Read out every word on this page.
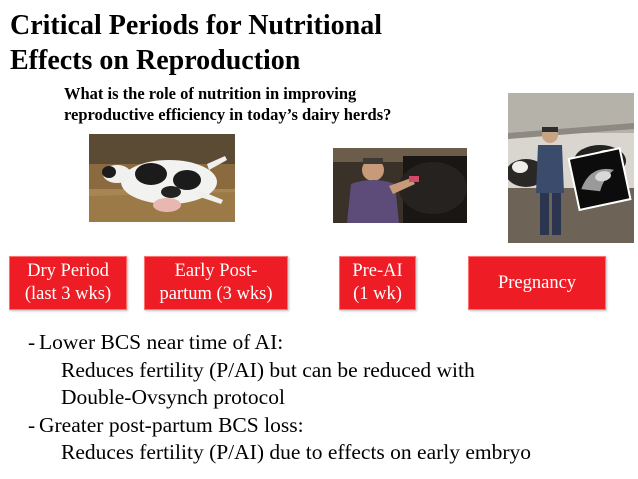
Critical Periods for Nutritional
Effects on Reproduction
What is the role of nutrition in improving
reproductive efficiency in today’s dairy herds?
Dry Period
(last 3 wks)
Early Post-
partum (3 wks)
Pre-AI
(1 wk)
Pregnancy
- Lower BCS near time of AI:
Reduces fertility (P/AI) but can be reduced with
Double-Ovsynch protocol
- Greater post-partum BCS loss:
Reduces fertility (P/AI) due to effects on early embryo
